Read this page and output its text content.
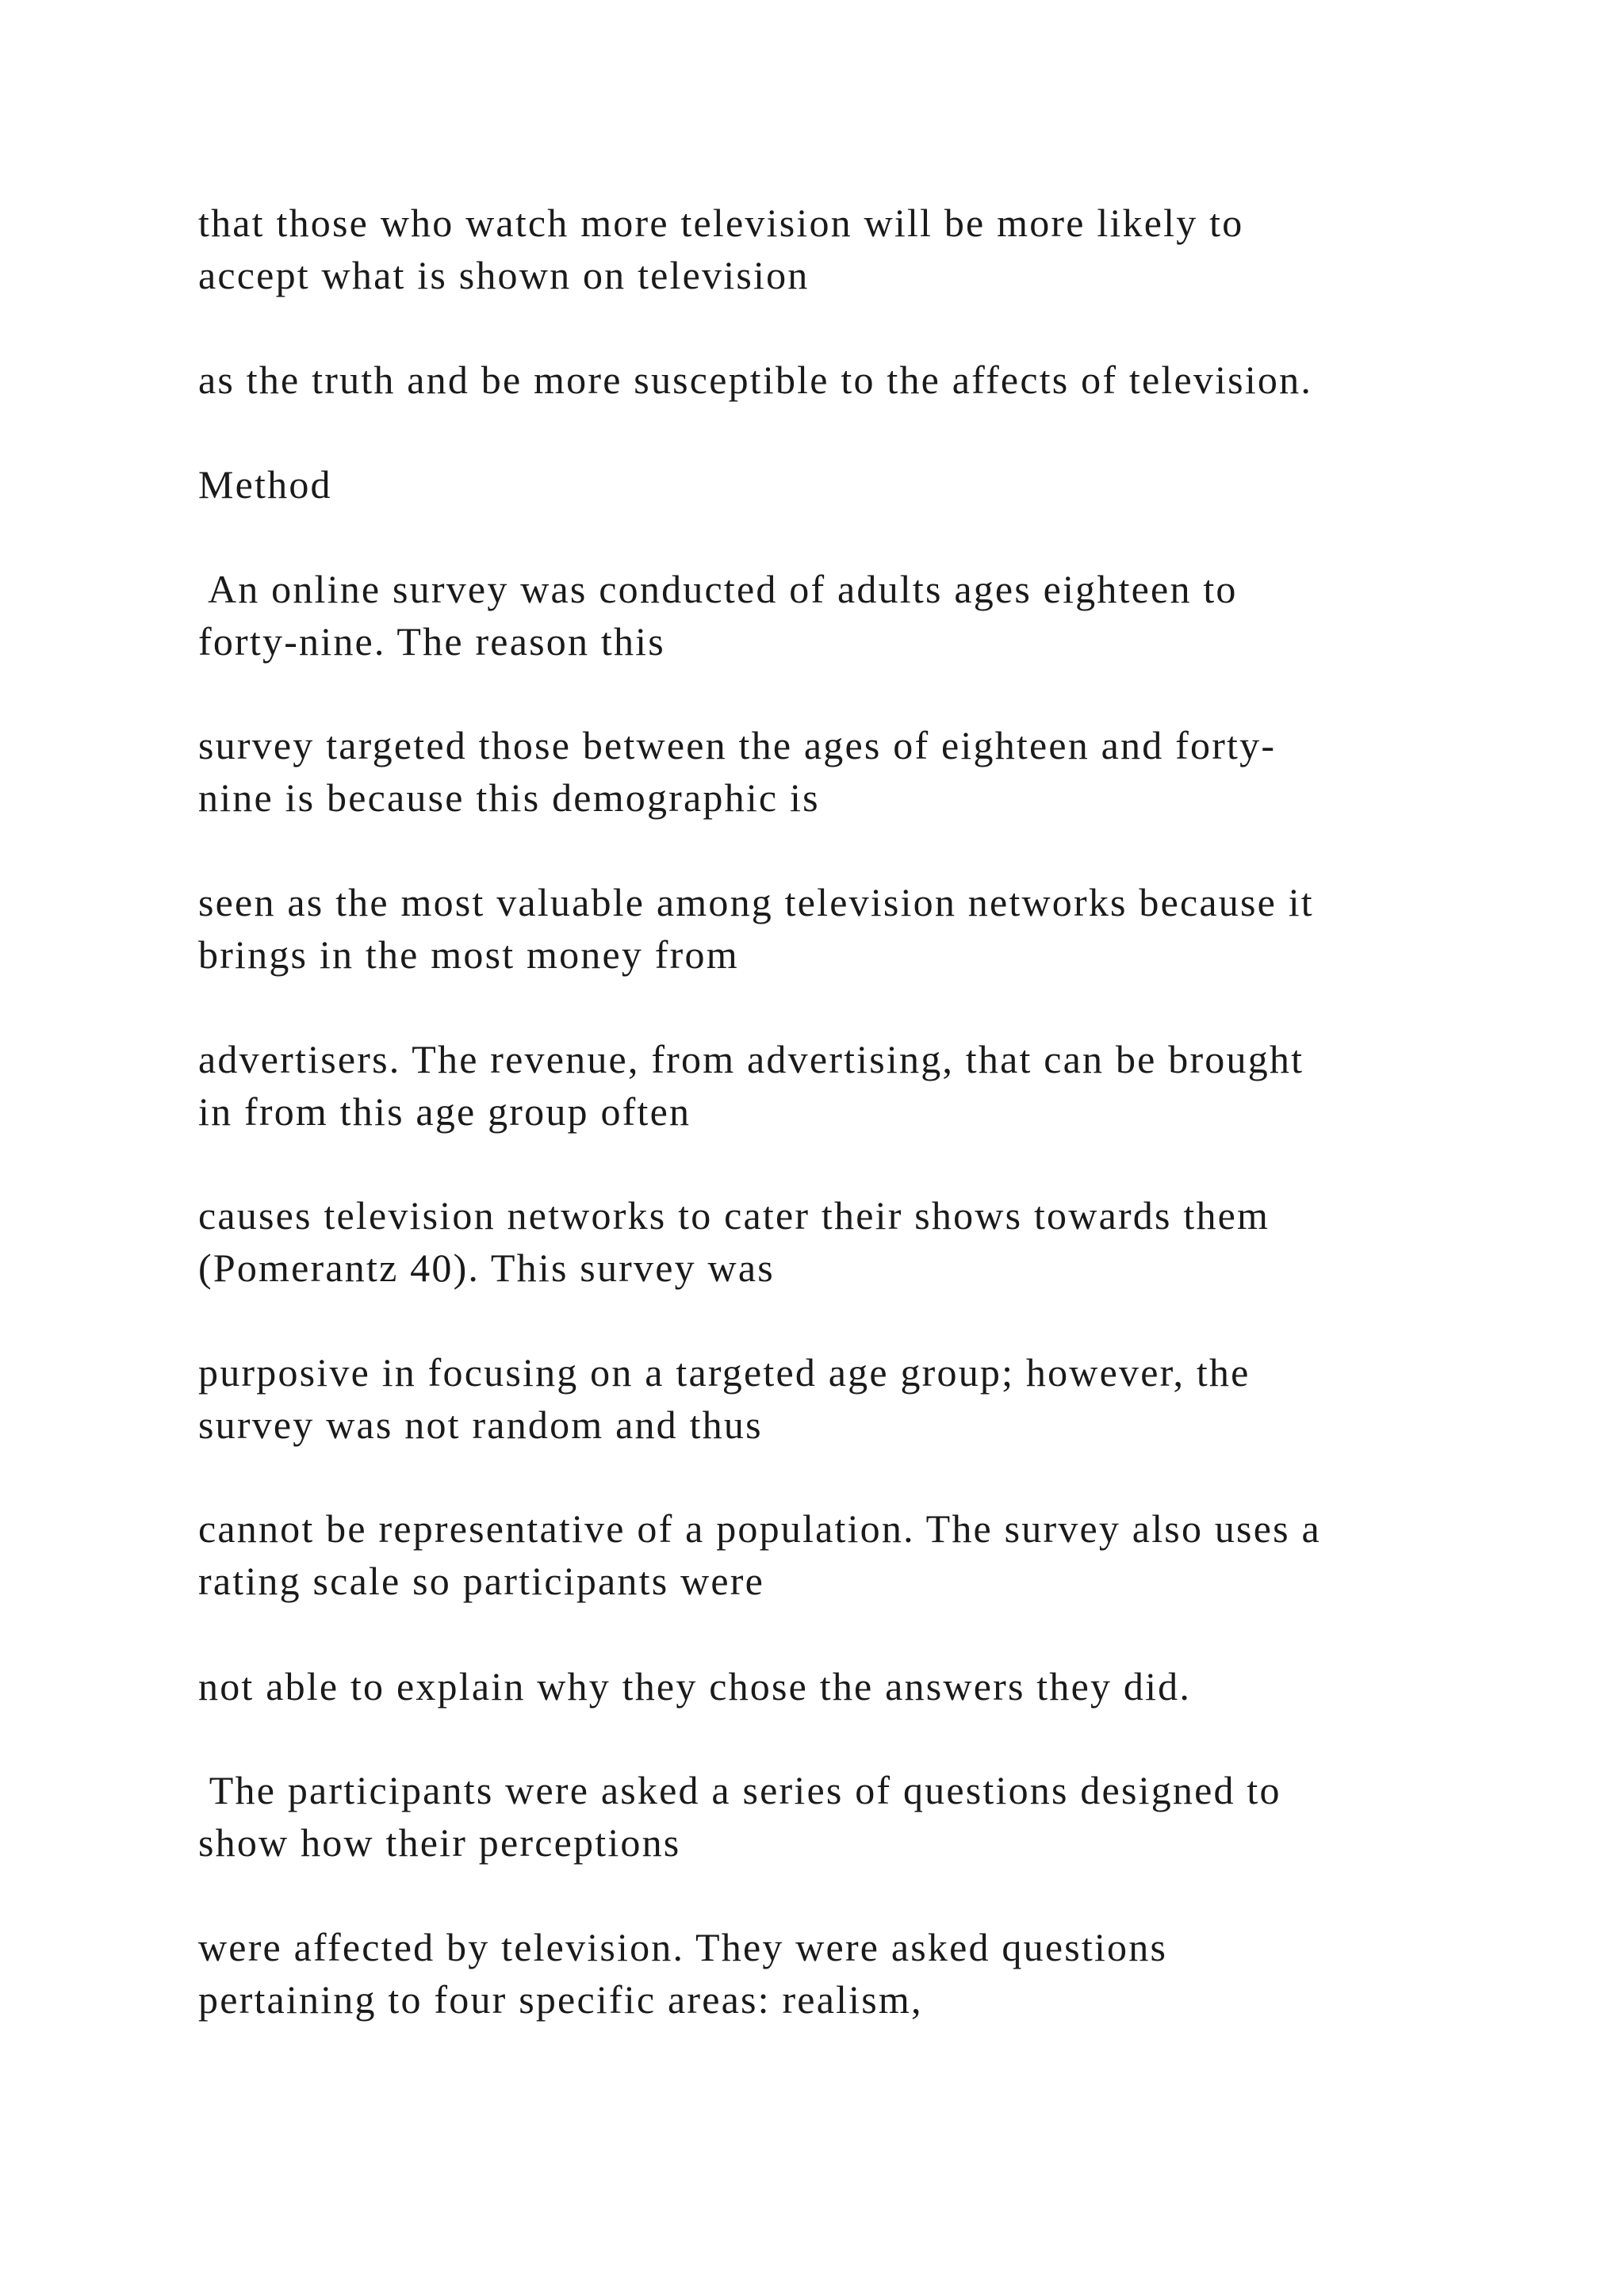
that those who watch more television will be more likely to
accept what is shown on television
as the truth and be more susceptible to the affects of television.
Method
An online survey was conducted of adults ages eighteen to
forty-nine. The reason this
survey targeted those between the ages of eighteen and forty-
nine is because this demographic is
seen as the most valuable among television networks because it
brings in the most money from
advertisers. The revenue, from advertising, that can be brought
in from this age group often
causes television networks to cater their shows towards them
(Pomerantz 40). This survey was
purposive in focusing on a targeted age group; however, the
survey was not random and thus
cannot be representative of a population. The survey also uses a
rating scale so participants were
not able to explain why they chose the answers they did.
The participants were asked a series of questions designed to
show how their perceptions
were affected by television. They were asked questions
pertaining to four specific areas: realism,
